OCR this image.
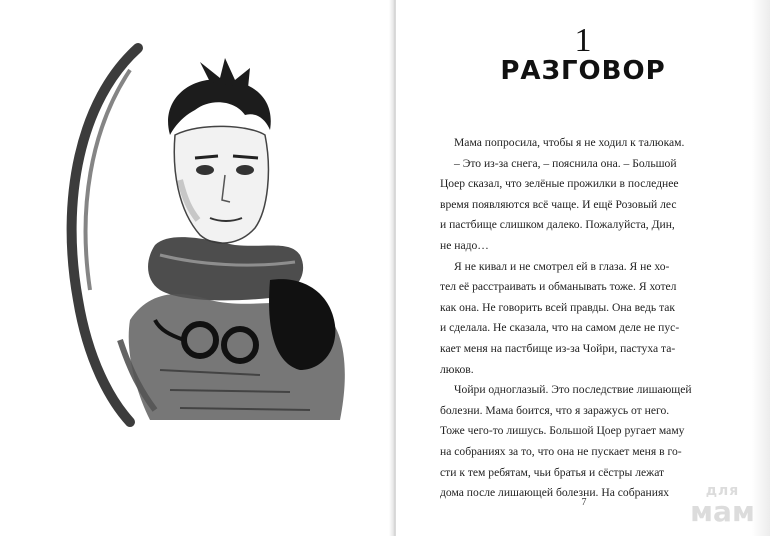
1
РАЗГОВОР
Мама попросила, чтобы я не ходил к талюкам.
– Это из-за снега, – пояснила она. – Большой
Цоер сказал, что зелёные прожилки в последнее
время появляются всё чаще. И ещё Розовый лес
и пастбище слишком далеко. Пожалуйста, Дин,
не надо…
Я не кивал и не смотрел ей в глаза. Я не хо-
тел её расстраивать и обманывать тоже. Я хотел
как она. Не говорить всей правды. Она ведь так
и сделала. Не сказала, что на самом деле не пус-
кает меня на пастбище из-за Чойри, пастуха та-
люков.
Чойри одноглазый. Это последствие лишающей
болезни. Мама боится, что я заражусь от него.
Тоже чего-то лишусь. Большой Цоер ругает маму
на собраниях за то, что она не пускает меня в го-
сти к тем ребятам, чьи братья и сёстры лежат
дома после лишающей болезни. На собраниях
7
для
мам
